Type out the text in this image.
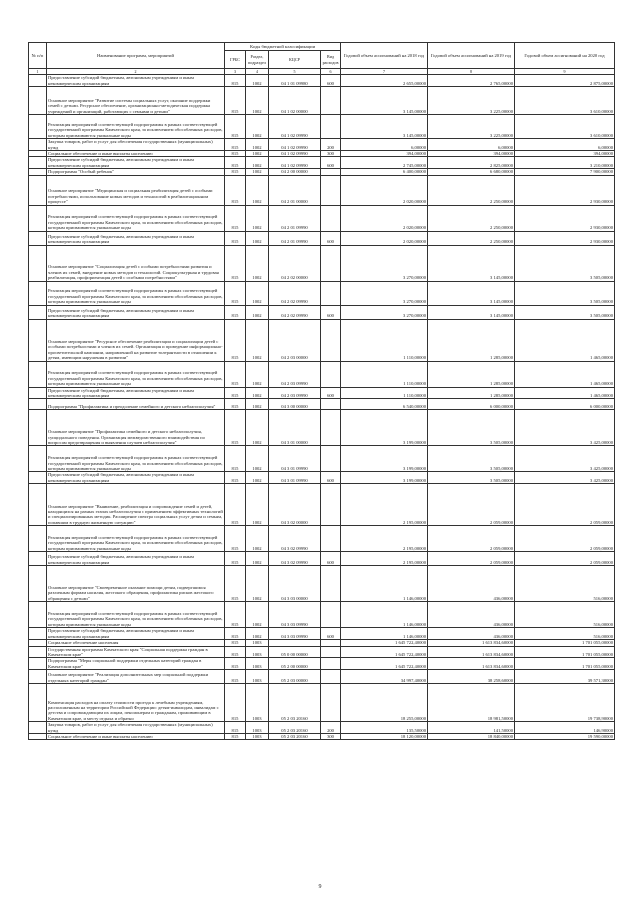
№ п/п	Наименование программ, мероприятий	Коды бюджетной классификации				Годовой объем ассигнований на 2018 год	Годовой объем ассигнований на 2019 год	Годовой объем ассигнований на 2020 год
		ГРБС	Раздел, подраздел	КЦСР	Вид расходов			
1	2	3	4	5	6	7	8	9
	Предоставление субсидий бюджетным, автономным учреждениям и иным некоммерческим организациям	815	1002	04 1 01 09980	600	2 655,00000	2 765,00000	2 875,00000
	Основное мероприятие "Развитие системы социальных услуг, оказание поддержки семей с детьми. Ресурсное обеспечение, организационно-методическая поддержка учреждений и организаций, работающих с семьями и детьми"	815	1002	04 1 02 00000		3 145,00000	3 225,00000	3 610,00000
	Реализация мероприятий соответствующей подпрограммы в рамках соответствующей государственной программы Камчатского края, за исключением обособленных расходов, которым присваиваются уникальные коды	815	1002	04 1 02 09990		3 145,00000	3 225,00000	3 610,00000
	Закупка товаров, работ и услуг для обеспечения государственных (муниципальных) нужд	815	1002	04 1 02 09990	200	6,00000	6,00000	6,00000
	Социальное обеспечение и иные выплаты населению	815	1002	04 1 02 09990	300	394,00000	394,00000	394,00000
	Предоставление субсидий бюджетным, автономным учреждениям и иным некоммерческим организациям	815	1002	04 1 02 09990	600	2 745,00000	2 825,00000	3 210,00000
	Подпрограмма "Особый ребенок"	815	1002	04 2 00 00000		6 400,00000	6 680,00000	7 900,00000
	Основное мероприятие "Медицинская и социальная реабилитация детей с особыми потребностями, использование новых методов и технологий в реабилитационном процессе"	815	1002	04 2 01 00000		2 020,00000	2 250,00000	2 930,00000
	Реализация мероприятий соответствующей подпрограммы в рамках соответствующей государственной программы Камчатского края, за исключением обособленных расходов, которым присваиваются уникальные коды	815	1002	04 2 01 09990		2 020,00000	2 250,00000	2 930,00000
	Предоставление субсидий бюджетным, автономным учреждениям и иным некоммерческим организациям	815	1002	04 2 01 09990	600	2 020,00000	2 250,00000	2 930,00000
	Основное мероприятие "Социализация детей с особыми потребностями развития и членов их семей, внедрение новых методов и технологий. Социокультурная и трудовая реабилитация, профориентация детей с особыми потребностями"	815	1002	04 2 02 00000		3 270,00000	3 145,00000	3 505,00000
	Реализация мероприятий соответствующей подпрограммы в рамках соответствующей государственной программы Камчатского края, за исключением обособленных расходов, которым присваиваются уникальные коды	815	1002	04 2 02 09990		3 270,00000	3 145,00000	3 505,00000
	Предоставление субсидий бюджетным, автономным учреждениям и иным некоммерческим организациям	815	1002	04 2 02 09990	600	3 270,00000	3 145,00000	3 505,00000
	Основное мероприятие "Ресурсное обеспечение реабилитации и социализации детей с особыми потребностями и членов их семей. Организация и проведение информационно-просветительской кампании, направленной на развитие толерантности в отношении к детям, имеющим нарушения в развитии"	815	1002	04 2 03 00000		1 110,00000	1 285,00000	1 465,00000
	Реализация мероприятий соответствующей подпрограммы в рамках соответствующей государственной программы Камчатского края, за исключением обособленных расходов, которым присваиваются уникальные коды	815	1002	04 2 03 09990		1 110,00000	1 285,00000	1 465,00000
	Предоставление субсидий бюджетным, автономным учреждениям и иным некоммерческим организациям	815	1002	04 2 03 09990	600	1 110,00000	1 285,00000	1 465,00000
	Подпрограмма "Профилактика и преодоление семейного и детского неблагополучия"	815	1002	04 3 00 00000		6 540,00000	6 000,00000	6 000,00000
	Основное мероприятие "Профилактика семейного и детского неблагополучия, суицидального поведения. Организация межведомственного взаимодействия по вопросам предотвращения и выявления случаев неблагополучия"	815	1002	04 3 01 00000		3 199,00000	3 505,00000	3 425,00000
	Реализация мероприятий соответствующей подпрограммы в рамках соответствующей государственной программы Камчатского края, за исключением обособленных расходов, которым присваиваются уникальные коды	815	1002	04 3 01 09990		3 199,00000	3 505,00000	3 425,00000
	Предоставление субсидий бюджетным, автономным учреждениям и иным некоммерческим организациям	815	1002	04 3 01 09990	600	3 199,00000	3 505,00000	3 425,00000
	Основное мероприятие "Выявление, реабилитация и сопровождение семей и детей, находящихся на разных этапах неблагополучия с применением эффективных технологий и специализированных методик. Расширение спектра социальных услуг детям и семьям, попавшим в трудную жизненную ситуацию"	815	1002	04 3 02 00000		2 195,00000	2 059,00000	2 059,00000
	Реализация мероприятий соответствующей подпрограммы в рамках соответствующей государственной программы Камчатского края, за исключением обособленных расходов, которым присваиваются уникальные коды	815	1002	04 3 02 09990		2 195,00000	2 059,00000	2 059,00000
	Предоставление субсидий бюджетным, автономным учреждениям и иным некоммерческим организациям	815	1002	04 3 02 09990	600	2 195,00000	2 059,00000	2 059,00000
	Основное мероприятие "Своевременное оказание помощи детям, подвергшимся различным формам насилия, жестокого обращения, профилактика рисков жестокого обращения с детьми"	815	1002	04 3 03 00000		1 146,00000	436,00000	516,00000
	Реализация мероприятий соответствующей подпрограммы в рамках соответствующей государственной программы Камчатского края, за исключением обособленных расходов, которым присваиваются уникальные коды	815	1002	04 3 03 09990		1 146,00000	436,00000	516,00000
	Предоставление субсидий бюджетным, автономным учреждениям и иным некоммерческим организациям	815	1002	04 3 03 09990	600	1 146,00000	436,00000	516,00000
	Социальное обеспечение населения	815	1003			1 645 722,40000	1 613 834,60000	1 701 055,00000
	Государственная программа Камчатского края "Социальная поддержка граждан в Камчатском крае"	815	1003	05 0 00 00000		1 645 722,40000	1 613 834,60000	1 701 055,00000
	Подпрограмма "Меры социальной поддержки отдельных категорий граждан в Камчатском крае"	815	1003	05 2 00 00000		1 645 722,40000	1 613 834,60000	1 701 055,00000
	Основное мероприятие "Реализация дополнительных мер социальной поддержки отдельных категорий граждан"	815	1003	05 2 03 00000		34 997,40000	38 258,60000	39 571,30000
	Компенсация расходов на оплату стоимости проезда к лечебным учреждениям, расположенным на территории Российской Федерации: детям-инвалидам, инвалидам с детства и сопровождающим их лицам, пенсионерам и гражданам, проживающим в Камчатском крае, и месту отдыха и обратно	815	1003	05 2 03 20160		18 255,00000	18 981,50000	19 738,90000
	Закупка товаров, работ и услуг для обеспечения государственных (муниципальных) нужд	815	1003	05 2 03 20160	200	135,50000	141,50000	146,90000
	Социальное обеспечение и иные выплаты населению	815	1003	05 2 03 20160	300	18 120,00000	18 840,00000	19 590,00000
9
